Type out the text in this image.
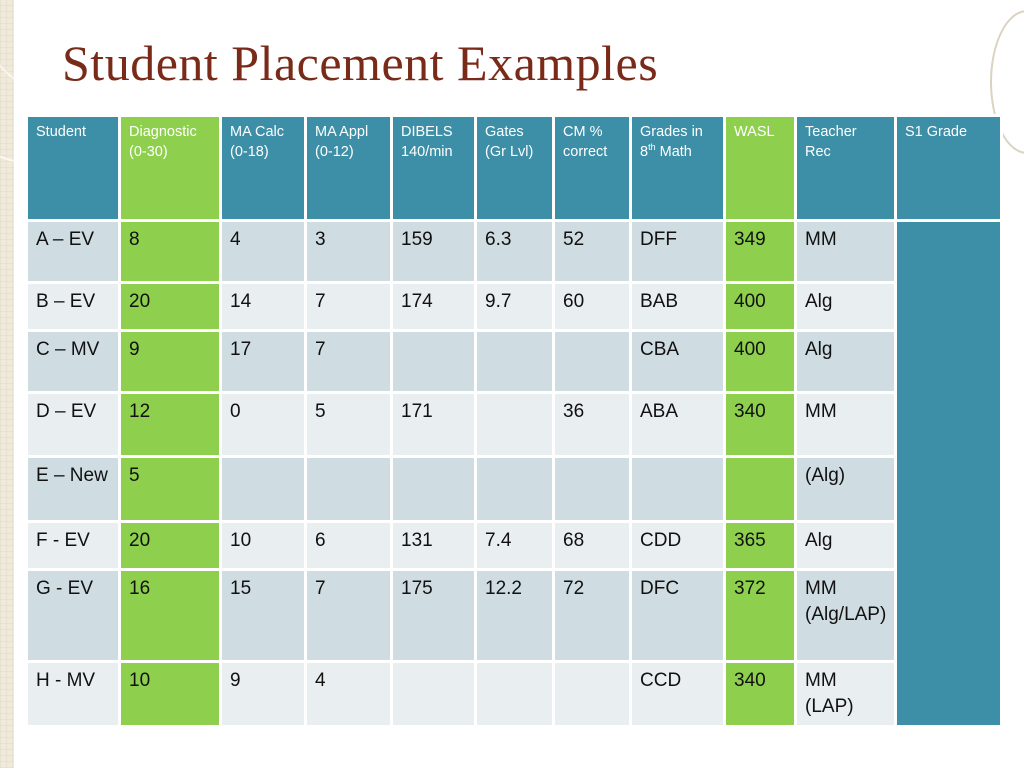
Student Placement Examples
Student	Diagnostic (0-30)	MA Calc (0-18)	MA Appl (0-12)	DIBELS 140/min	Gates (Gr Lvl)	CM % correct	Grades in 8th Math	WASL	Teacher Rec	S1 Grade
A – EV	8	4	3	159	6.3	52	DFF	349	MM	
B – EV	20	14	7	174	9.7	60	BAB	400	Alg	
C – MV	9	17	7				CBA	400	Alg	
D – EV	12	0	5	171		36	ABA	340	MM	
E – New	5								(Alg)	
F - EV	20	10	6	131	7.4	68	CDD	365	Alg	
G - EV	16	15	7	175	12.2	72	DFC	372	MM (Alg/LAP)	
H - MV	10	9	4				CCD	340	MM (LAP)	
